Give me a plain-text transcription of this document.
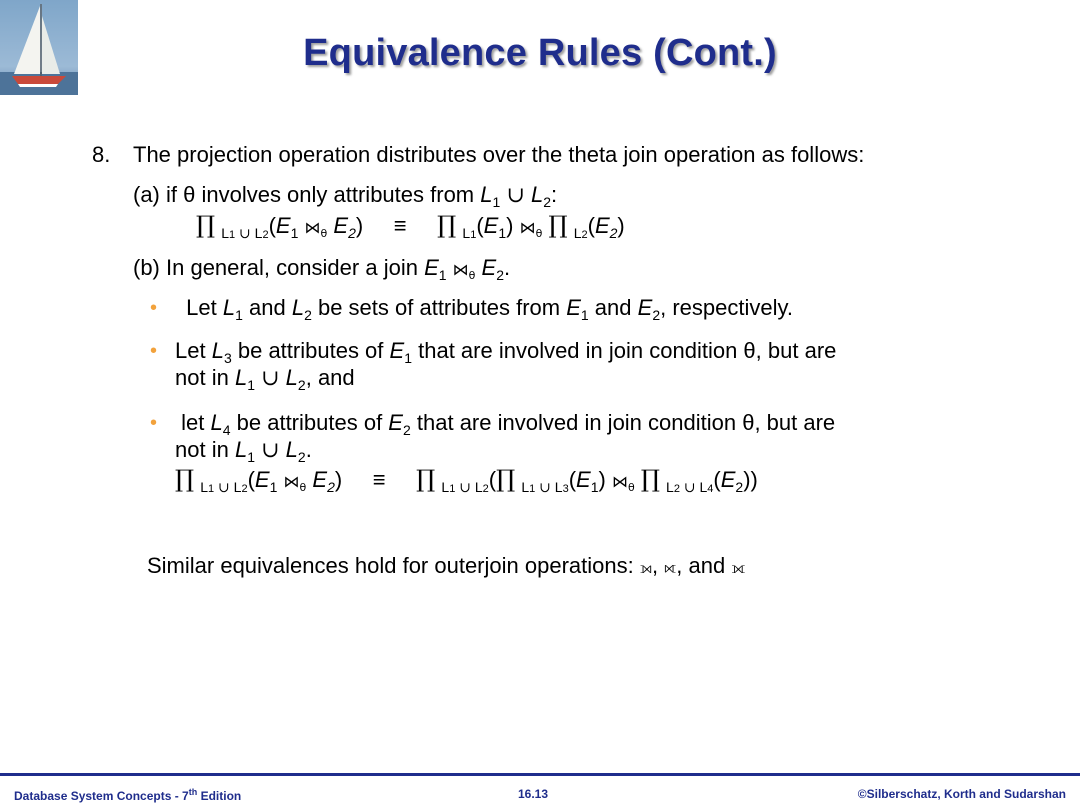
Equivalence Rules (Cont.)
8. The projection operation distributes over the theta join operation as follows:
(a) if θ involves only attributes from $L_1$ ∪ $L_2$:
∏ $_{L1 \cup L2}(E_1$ $⋈_\theta$ $E_2$)     ≡     ∏ $_{L1}(E_1)$ $⋈_\theta$ ∏ $_{L2}(E_2)$
(b) In general, consider a join $E_1$ $⋈_\theta$ $E_2$.
• Let $L_1$ and $L_2$ be sets of attributes from $E_1$ and $E_2$, respectively.
• Let $L_3$ be attributes of $E_1$ that are involved in join condition θ, but are
not in $L_1$ ∪ $L_2$, and
• let $L_4$ be attributes of $E_2$ that are involved in join condition θ, but are
not in $L_1$ ∪ $L_2$.
∏ $_{L1 \cup L2}(E_1$ $⋈_\theta$ $E_2$)     ≡     ∏ $_{L1 \cup L2}$(∏ $_{L1 \cup L3}(E_1)$ $⋈_\theta$ ∏ $_{L2 \cup L4}(E_2)$)
Similar equivalences hold for outerjoin operations: ⟕, ⟖, and ⟗
Database System Concepts - 7th Edition	16.13	©Silberschatz, Korth and Sudarshan
